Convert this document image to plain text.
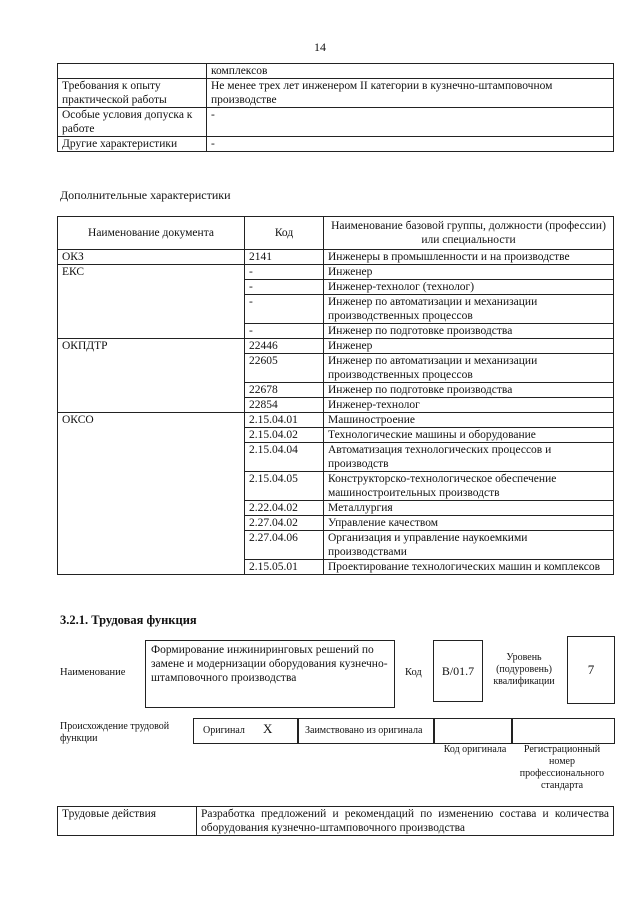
14
	комплексов
Требования к опыту практической работы	Не менее трех лет инженером II категории в кузнечно-штамповочном производстве
Особые условия допуска к работе	-
Другие характеристики	-
Дополнительные характеристики
Наименование документа	Код	Наименование базовой группы, должности (профессии) или специальности
ОКЗ	2141	Инженеры в промышленности и на производстве
ЕКС	-	Инженер
	-	Инженер-технолог (технолог)
	-	Инженер по автоматизации и механизации производственных процессов
	-	Инженер по подготовке производства
ОКПДТР	22446	Инженер
	22605	Инженер по автоматизации и механизации производственных процессов
	22678	Инженер по подготовке производства
	22854	Инженер-технолог
ОКСО	2.15.04.01	Машиностроение
	2.15.04.02	Технологические машины и оборудование
	2.15.04.04	Автоматизация технологических процессов и производств
	2.15.04.05	Конструкторско-технологическое обеспечение машиностроительных производств
	2.22.04.02	Металлургия
	2.27.04.02	Управление качеством
	2.27.04.06	Организация и управление наукоемкими производствами
	2.15.05.01	Проектирование технологических машин и комплексов
3.2.1. Трудовая функция
Наименование
Формирование инжиниринговых решений по замене и модернизации оборудования кузнечно-штамповочного производства	Код	B/01.7
Уровень (подуровень) квалификации
7
Происхождение трудовой функции
Оригинал X	Заимствовано из оригинала
Код оригинала	Регистрационный номер профессионального стандарта
Трудовые действия	Разработка предложений и рекомендаций по изменению состава и количества оборудования кузнечно-штамповочного производства
